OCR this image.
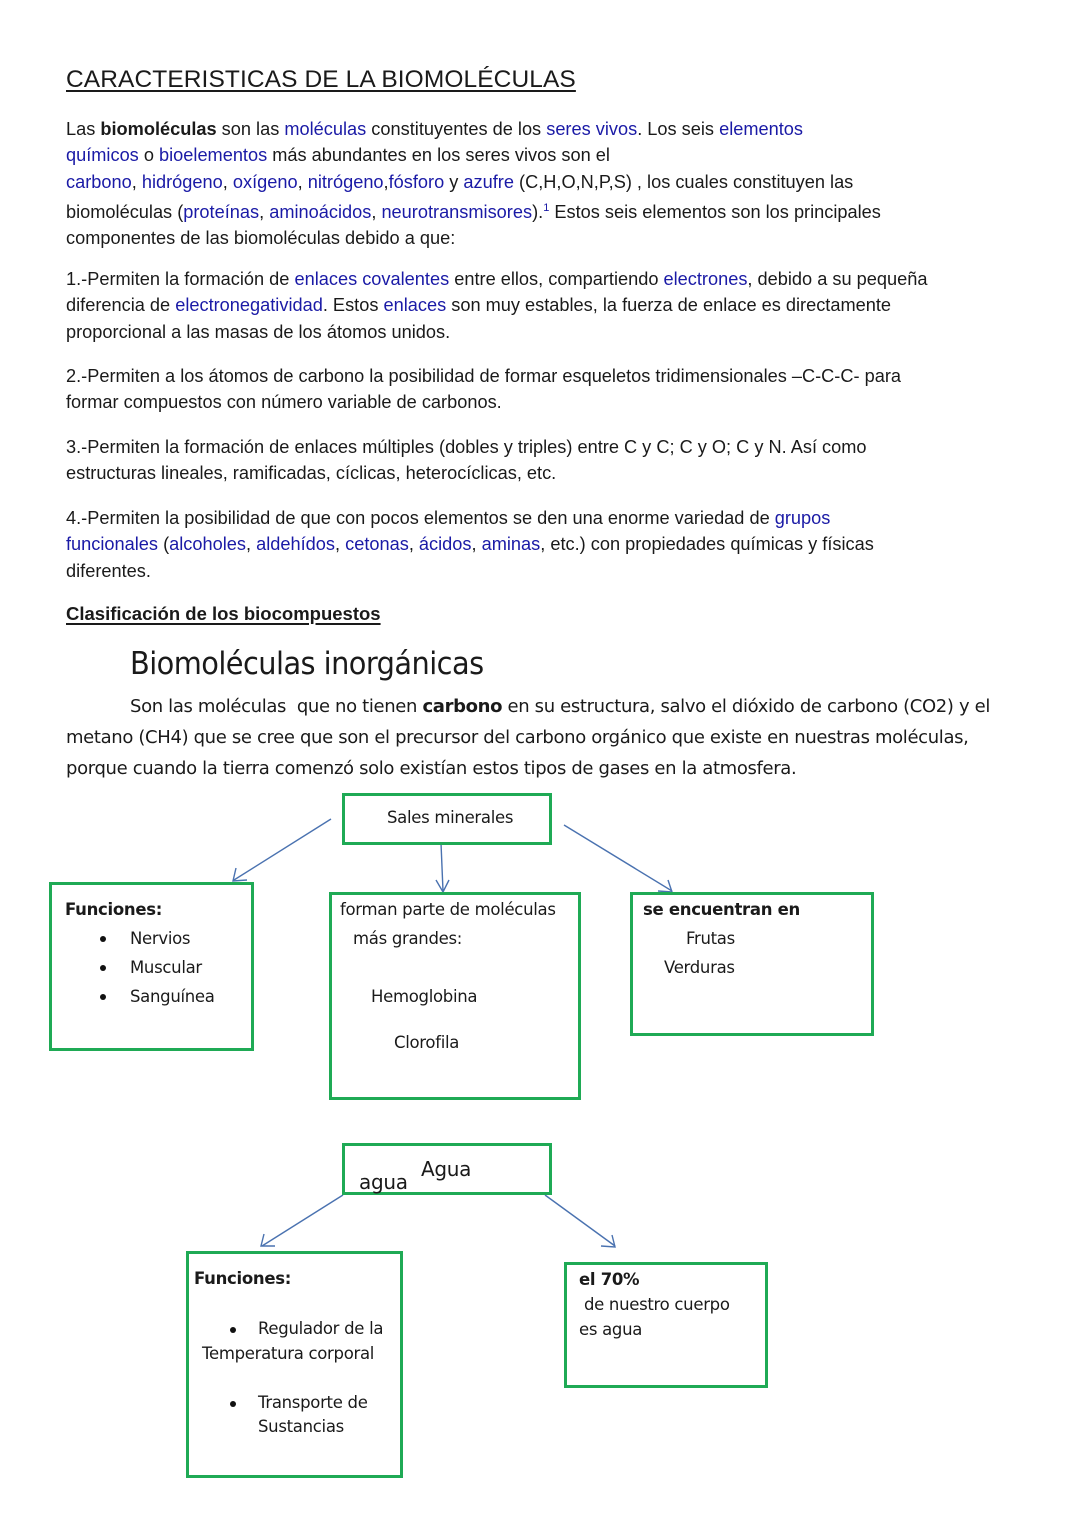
CARACTERISTICAS DE LA BIOMOLÉCULAS
Las biomoléculas son las moléculas constituyentes de los seres vivos. Los seis elementos
químicos o bioelementos más abundantes en los seres vivos son el
carbono, hidrógeno, oxígeno, nitrógeno,fósforo y azufre (C,H,O,N,P,S) , los cuales constituyen las
biomoléculas (proteínas, aminoácidos, neurotransmisores).$^1$ Estos seis elementos son los principales
componentes de las biomoléculas debido a que:
1.-Permiten la formación de enlaces covalentes entre ellos, compartiendo electrones, debido a su pequeña
diferencia de electronegatividad. Estos enlaces son muy estables, la fuerza de enlace es directamente
proporcional a las masas de los átomos unidos.
2.-Permiten a los átomos de carbono la posibilidad de formar esqueletos tridimensionales –C-C-C- para
formar compuestos con número variable de carbonos.
3.-Permiten la formación de enlaces múltiples (dobles y triples) entre C y C; C y O; C y N. Así como
estructuras lineales, ramificadas, cíclicas, heterocíclicas, etc.
4.-Permiten la posibilidad de que con pocos elementos se den una enorme variedad de grupos
funcionales (alcoholes, aldehídos, cetonas, ácidos, aminas, etc.) con propiedades químicas y físicas
diferentes.
Clasificación de los biocompuestos
Biomoléculas inorgánicas
Son las moléculas  que no tienen carbono en su estructura, salvo el dióxido de carbono (CO2) y el
metano (CH4) que se cree que son el precursor del carbono orgánico que existe en nuestras moléculas,
porque cuando la tierra comenzó solo existían estos tipos de gases en la atmosfera.
Sales minerales
Funciones:
Nervios
Muscular
Sanguínea
forman parte de moléculas
más grandes:
Hemoglobina
Clorofila
se encuentran en
Frutas
Verduras
Agua
agua
Funciones:
Regulador de la
Temperatura corporal
Transporte de
Sustancias
el 70%
de nuestro cuerpo
es agua
